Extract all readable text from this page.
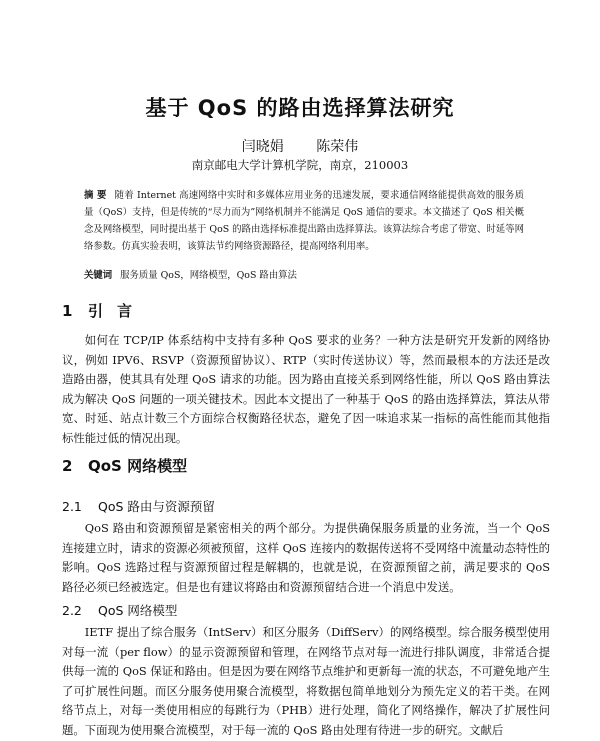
基于 QoS 的路由选择算法研究
闫晓娟 陈荣伟
南京邮电大学计算机学院，南京，210003
摘 要 随着 Internet 高速网络中实时和多媒体应用业务的迅速发展，要求通信网络能提供高效的服务质量（QoS）支持，但是传统的“尽力而为”网络机制并不能满足 QoS 通信的要求。本文描述了 QoS 相关概念及网络模型，同时提出基于 QoS 的路由选择标准提出路由选择算法。该算法综合考虑了带宽、时延等网络参数。仿真实验表明，该算法节约网络资源路径，提高网络利用率。
关键词 服务质量 QoS，网络模型，QoS 路由算法
1 引言
如何在 TCP/IP 体系结构中支持有多种 QoS 要求的业务？一种方法是研究开发新的网络协议，例如 IPV6、RSVP（资源预留协议）、RTP（实时传送协议）等，然而最根本的方法还是改造路由器，使其具有处理 QoS 请求的功能。因为路由直接关系到网络性能，所以 QoS 路由算法成为解决 QoS 问题的一项关键技术。因此本文提出了一种基于 QoS 的路由选择算法，算法从带宽、时延、站点计数三个方面综合权衡路径状态，避免了因一味追求某一指标的高性能而其他指标性能过低的情况出现。
2 QoS 网络模型
2.1 QoS 路由与资源预留
QoS 路由和资源预留是紧密相关的两个部分。为提供确保服务质量的业务流，当一个 QoS 连接建立时，请求的资源必须被预留，这样 QoS 连接内的数据传送将不受网络中流量动态特性的影响。QoS 选路过程与资源预留过程是解耦的，也就是说，在资源预留之前，满足要求的 QoS 路径必须已经被选定。但是也有建议将路由和资源预留结合进一个消息中发送。
2.2 QoS 网络模型
IETF 提出了综合服务（IntServ）和区分服务（DiffServ）的网络模型。综合服务模型使用对每一流（per flow）的显示资源预留和管理，在网络节点对每一流进行排队调度，非常适合提供每一流的 QoS 保证和路由。但是因为要在网络节点维护和更新每一流的状态，不可避免地产生了可扩展性问题。而区分服务使用聚合流模型，将数据包简单地划分为预先定义的若干类。在网络节点上，对每一类使用相应的每跳行为（PHB）进行处理，简化了网络操作，解决了扩展性问题。下面现为使用聚合流模型，对于每一流的 QoS 路由处理有待进一步的研究。文献后
